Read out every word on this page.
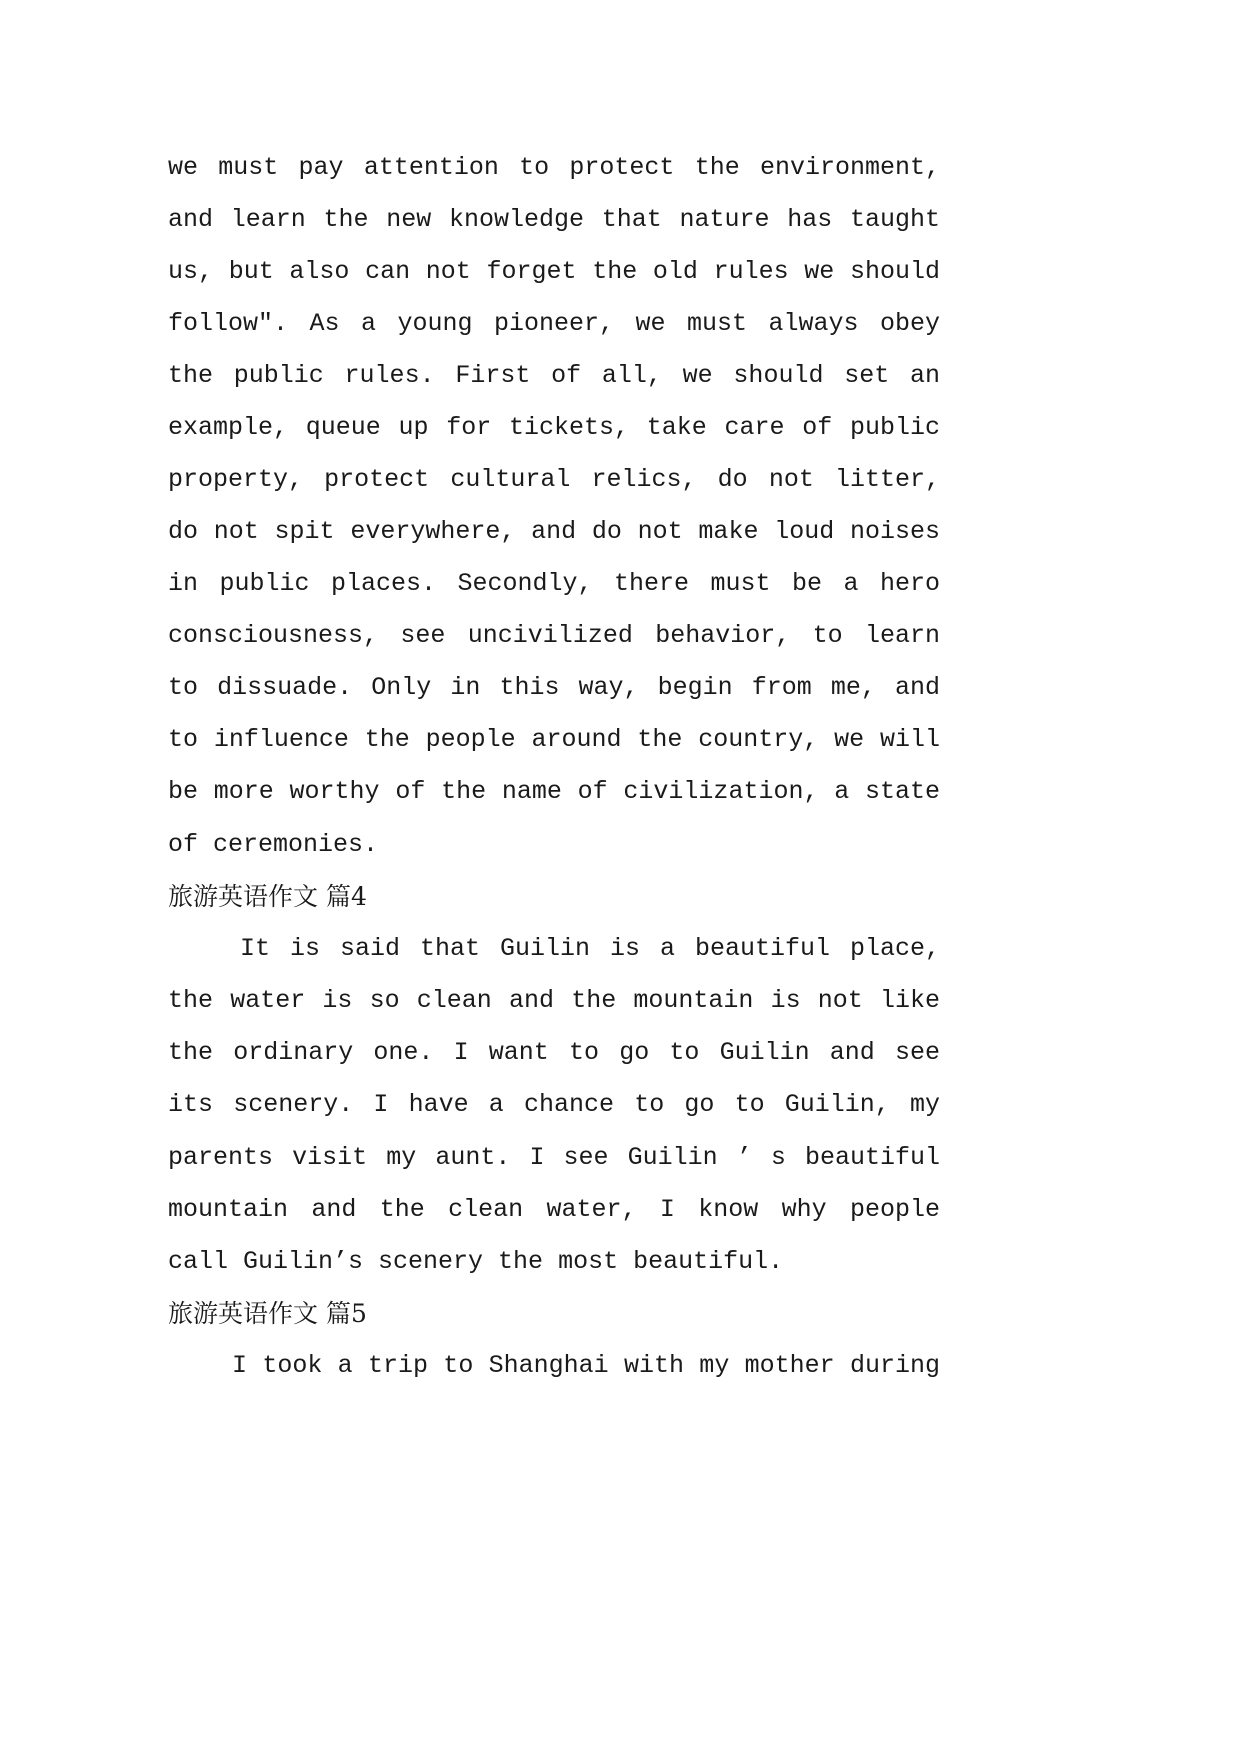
we must pay attention to protect the environment,
and learn the new knowledge that nature has taught
us, but also can not forget the old rules we should
follow". As a young pioneer, we must always obey
the public rules. First of all, we should set an
example, queue up for tickets, take care of public
property, protect cultural relics, do not litter,
do not spit everywhere, and do not make loud noises
in public places. Secondly, there must be a hero
consciousness, see uncivilized behavior, to learn
to dissuade. Only in this way, begin from me, and
to influence the people around the country, we will
be more worthy of the name of civilization, a state
of ceremonies.
旅游英语作文 篇4
It is said that Guilin is a beautiful place,
the water is so clean and the mountain is not like
the ordinary one. I want to go to Guilin and see
its scenery. I have a chance to go to Guilin, my
parents visit my aunt. I see Guilin ’ s beautiful
mountain and the clean water, I know why people
call Guilin’s scenery the most beautiful.
旅游英语作文 篇5
I took a trip to Shanghai with my mother during
